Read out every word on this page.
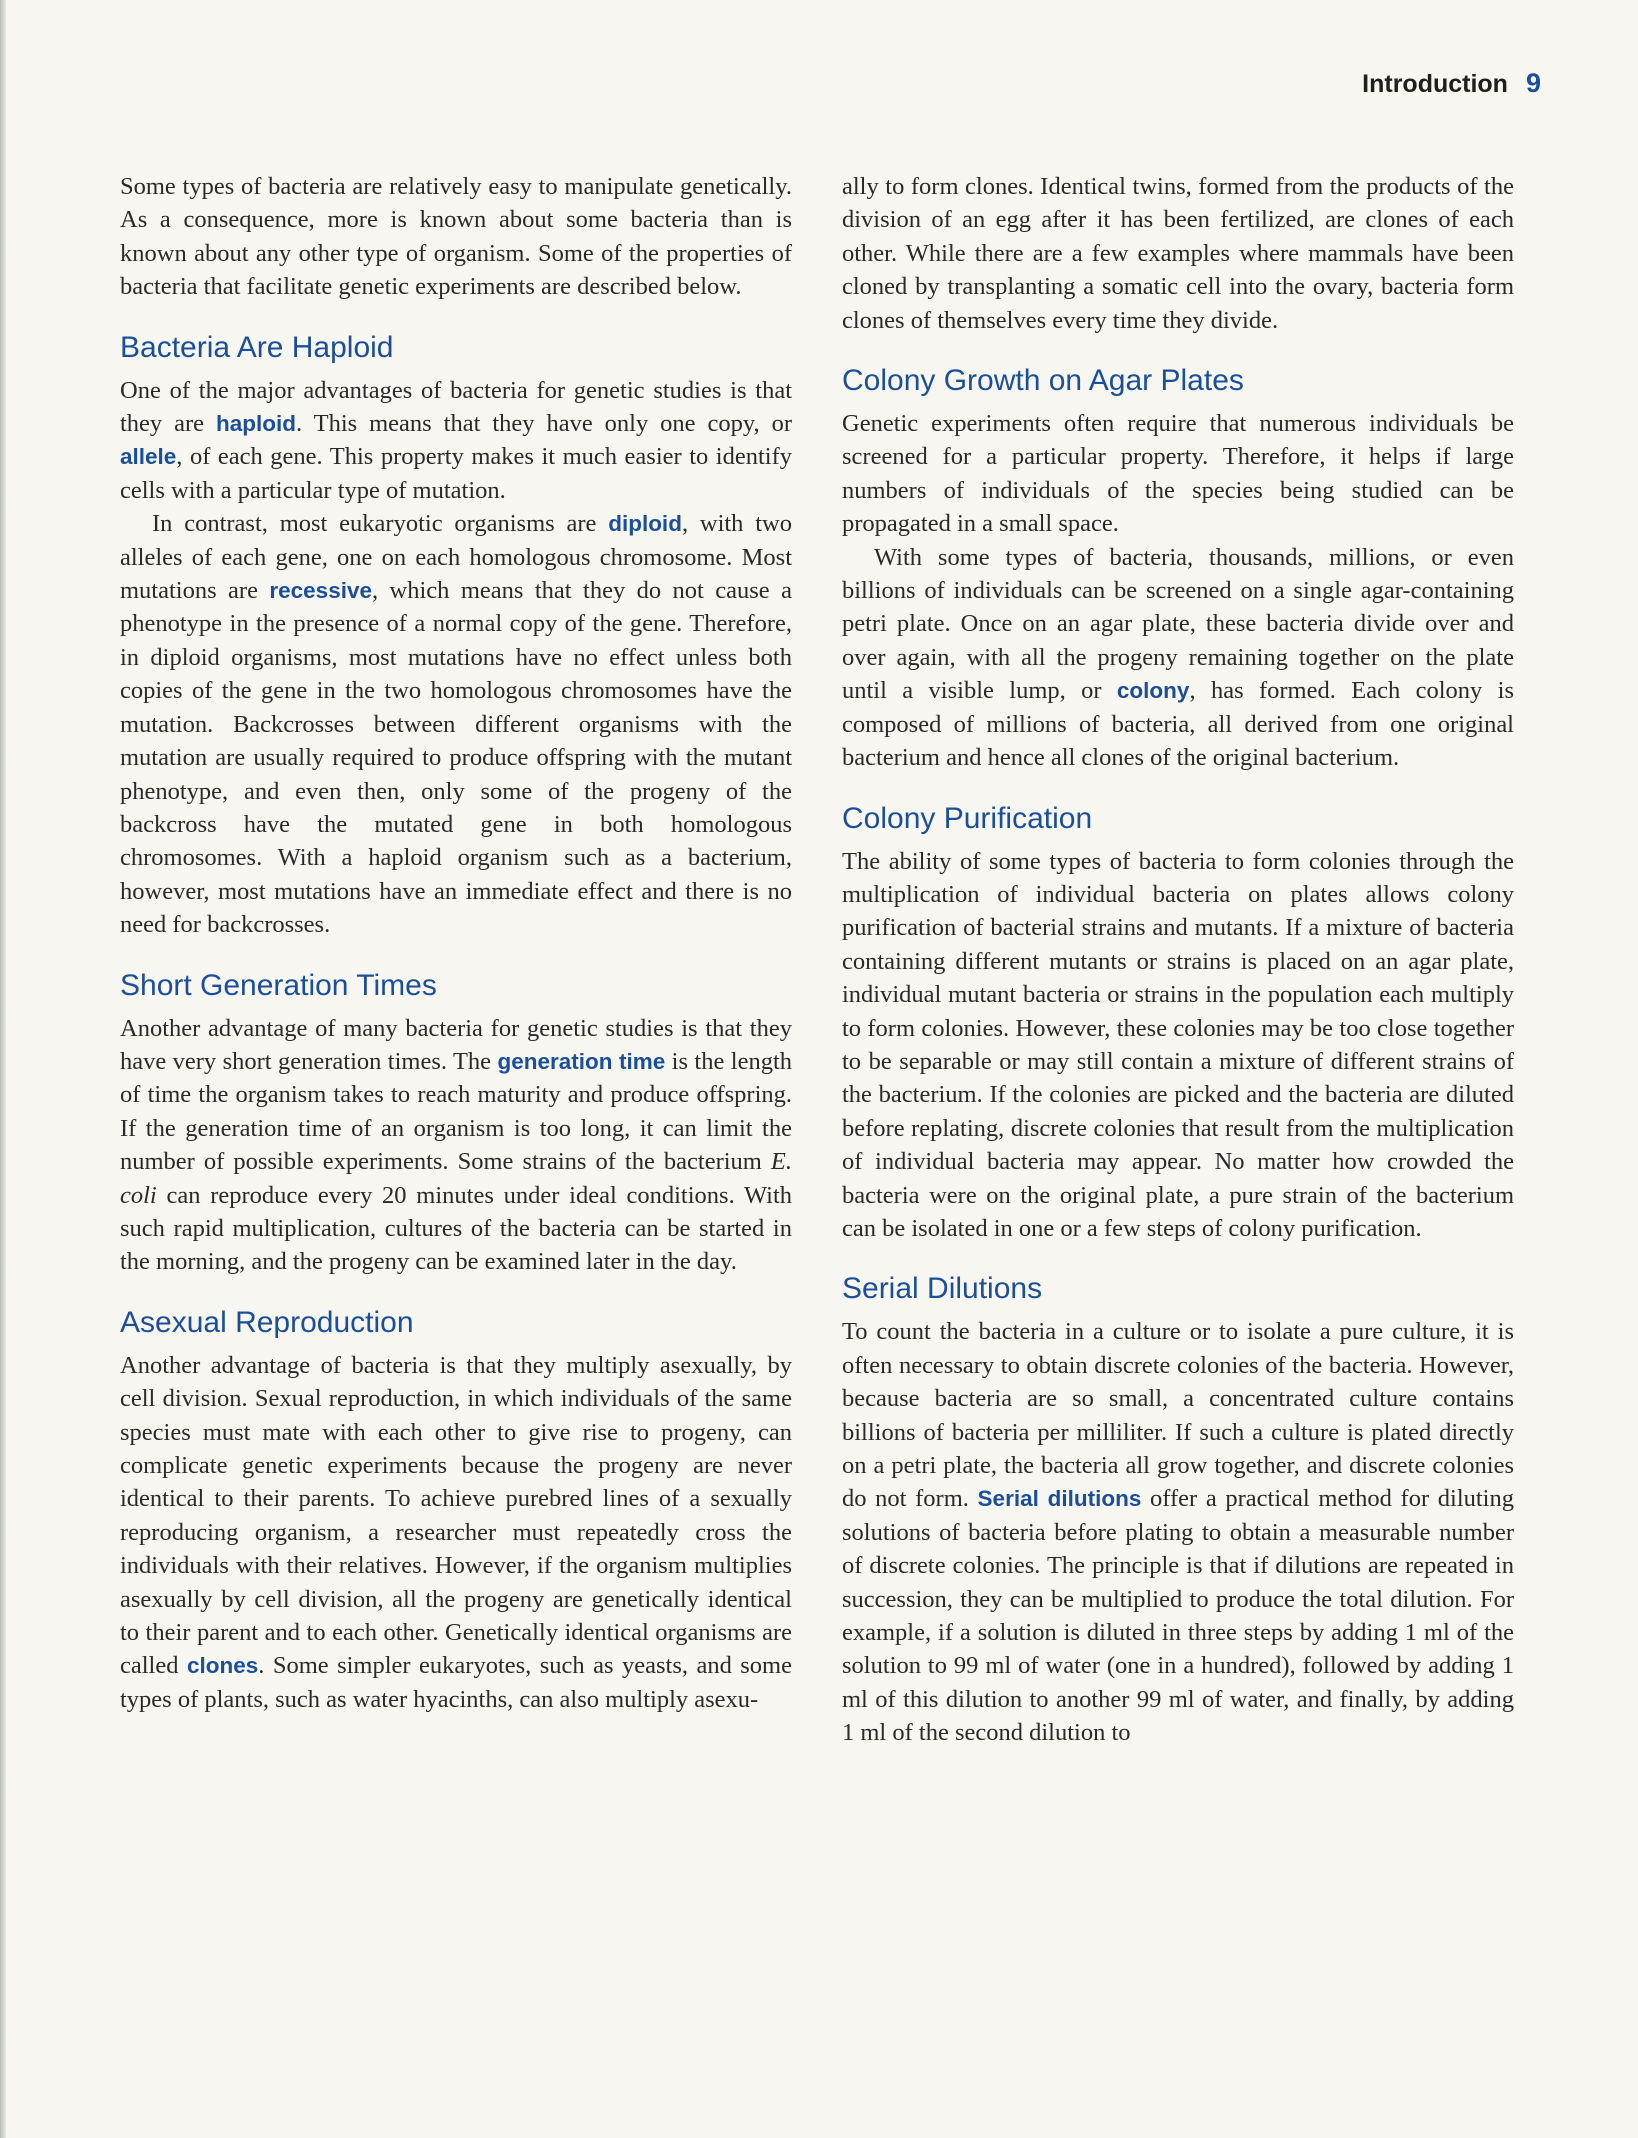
Introduction 9

Some types of bacteria are relatively easy to manipulate genetically. As a consequence, more is known about some bacteria than is known about any other type of organism. Some of the properties of bacteria that facilitate genetic experiments are described below.

Bacteria Are Haploid

One of the major advantages of bacteria for genetic studies is that they are haploid. This means that they have only one copy, or allele, of each gene. This property makes it much easier to identify cells with a particular type of mutation.

In contrast, most eukaryotic organisms are diploid, with two alleles of each gene, one on each homologous chromosome. Most mutations are recessive, which means that they do not cause a phenotype in the presence of a normal copy of the gene. Therefore, in diploid organisms, most mutations have no effect unless both copies of the gene in the two homologous chromosomes have the mutation. Backcrosses between different organisms with the mutation are usually required to produce offspring with the mutant phenotype, and even then, only some of the progeny of the backcross have the mutated gene in both homologous chromosomes. With a haploid organism such as a bacterium, however, most mutations have an immediate effect and there is no need for backcrosses.

Short Generation Times

Another advantage of many bacteria for genetic studies is that they have very short generation times. The generation time is the length of time the organism takes to reach maturity and produce offspring. If the generation time of an organism is too long, it can limit the number of possible experiments. Some strains of the bacterium E. coli can reproduce every 20 minutes under ideal conditions. With such rapid multiplication, cultures of the bacteria can be started in the morning, and the progeny can be examined later in the day.

Asexual Reproduction

Another advantage of bacteria is that they multiply asexually, by cell division. Sexual reproduction, in which individuals of the same species must mate with each other to give rise to progeny, can complicate genetic experiments because the progeny are never identical to their parents. To achieve purebred lines of a sexually reproducing organism, a researcher must repeatedly cross the individuals with their relatives. However, if the organism multiplies asexually by cell division, all the progeny are genetically identical to their parent and to each other. Genetically identical organisms are called clones. Some simpler eukaryotes, such as yeasts, and some types of plants, such as water hyacinths, can also multiply asexu-

ally to form clones. Identical twins, formed from the products of the division of an egg after it has been fertilized, are clones of each other. While there are a few examples where mammals have been cloned by transplanting a somatic cell into the ovary, bacteria form clones of themselves every time they divide.

Colony Growth on Agar Plates

Genetic experiments often require that numerous individuals be screened for a particular property. Therefore, it helps if large numbers of individuals of the species being studied can be propagated in a small space.

With some types of bacteria, thousands, millions, or even billions of individuals can be screened on a single agar-containing petri plate. Once on an agar plate, these bacteria divide over and over again, with all the progeny remaining together on the plate until a visible lump, or colony, has formed. Each colony is composed of millions of bacteria, all derived from one original bacterium and hence all clones of the original bacterium.

Colony Purification

The ability of some types of bacteria to form colonies through the multiplication of individual bacteria on plates allows colony purification of bacterial strains and mutants. If a mixture of bacteria containing different mutants or strains is placed on an agar plate, individual mutant bacteria or strains in the population each multiply to form colonies. However, these colonies may be too close together to be separable or may still contain a mixture of different strains of the bacterium. If the colonies are picked and the bacteria are diluted before replating, discrete colonies that result from the multiplication of individual bacteria may appear. No matter how crowded the bacteria were on the original plate, a pure strain of the bacterium can be isolated in one or a few steps of colony purification.

Serial Dilutions

To count the bacteria in a culture or to isolate a pure culture, it is often necessary to obtain discrete colonies of the bacteria. However, because bacteria are so small, a concentrated culture contains billions of bacteria per milliliter. If such a culture is plated directly on a petri plate, the bacteria all grow together, and discrete colonies do not form. Serial dilutions offer a practical method for diluting solutions of bacteria before plating to obtain a measurable number of discrete colonies. The principle is that if dilutions are repeated in succession, they can be multiplied to produce the total dilution. For example, if a solution is diluted in three steps by adding 1 ml of the solution to 99 ml of water (one in a hundred), followed by adding 1 ml of this dilution to another 99 ml of water, and finally, by adding 1 ml of the second dilution to
